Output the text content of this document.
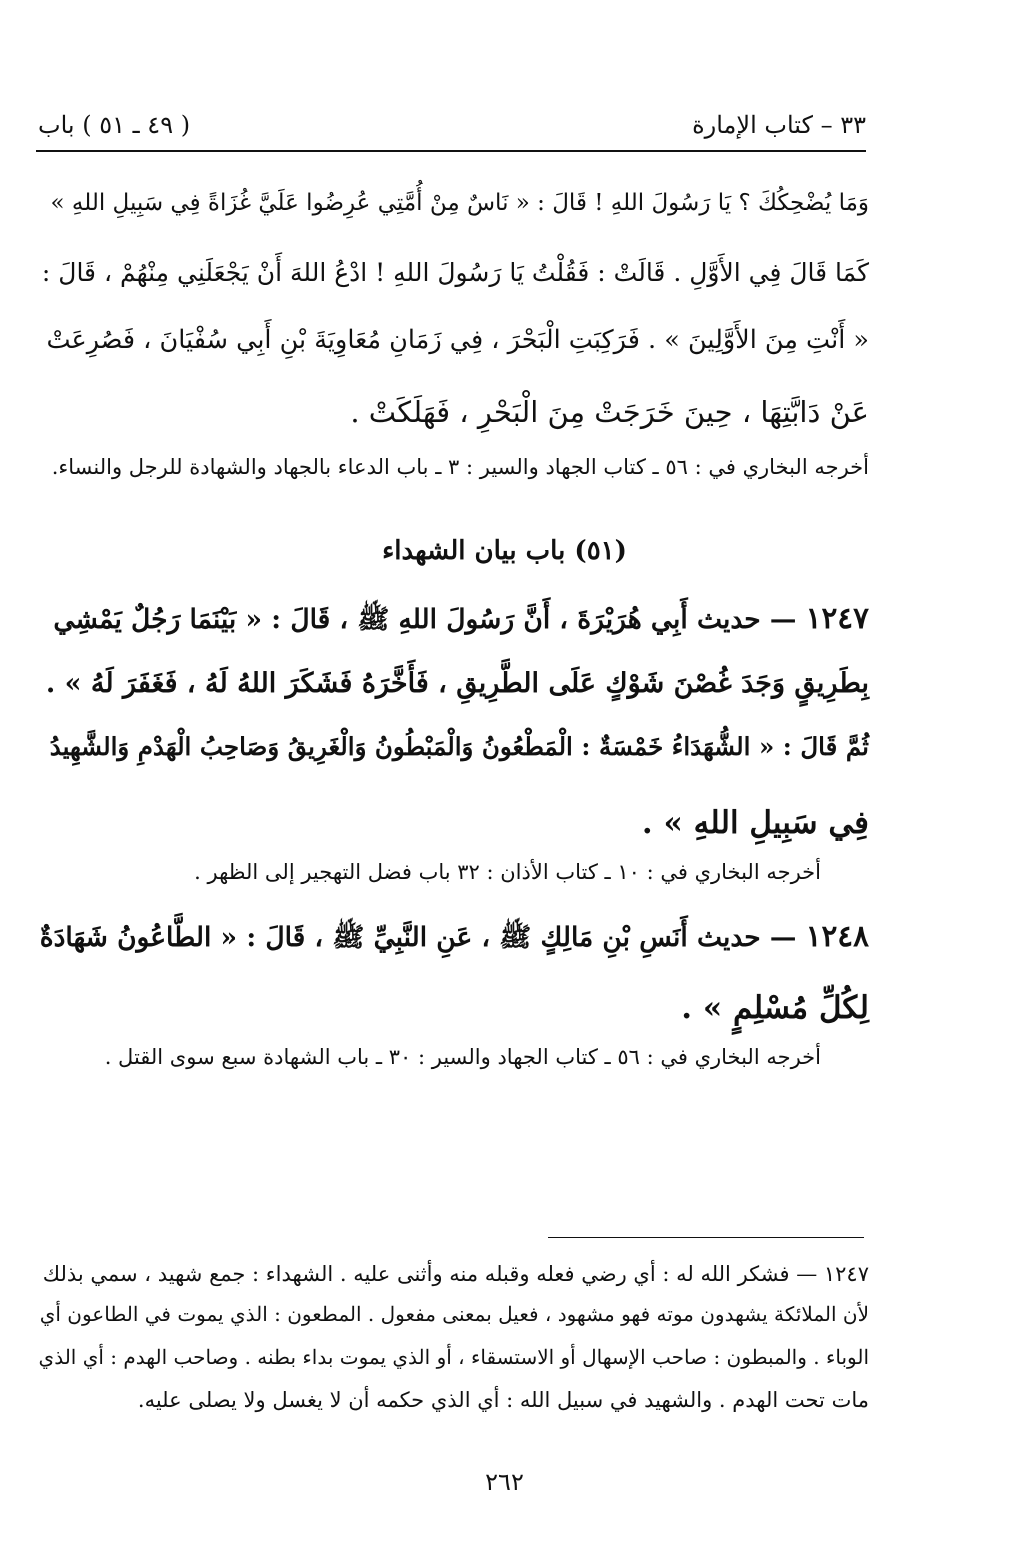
٣٣ – كتاب الإمارة
( ٤٩ ـ ٥١ ) باب
وَمَا يُضْحِكُكَ ؟ يَا رَسُولَ اللهِ ! قَالَ : « نَاسٌ مِنْ أُمَّتِي عُرِضُوا عَلَيَّ غُزَاةً فِي سَبِيلِ اللهِ »
كَمَا قَالَ فِي الأَوَّلِ . قَالَتْ : فَقُلْتُ يَا رَسُولَ اللهِ ! ادْعُ اللهَ أَنْ يَجْعَلَنِي مِنْهُمْ ، قَالَ :
« أَنْتِ مِنَ الأَوَّلِينَ » . فَرَكِبَتِ الْبَحْرَ ، فِي زَمَانِ مُعَاوِيَةَ بْنِ أَبِي سُفْيَانَ ، فَصُرِعَتْ
عَنْ دَابَّتِهَا ، حِينَ خَرَجَتْ مِنَ الْبَحْرِ ، فَهَلَكَتْ .
أخرجه البخاري في : ٥٦ ـ كتاب الجهاد والسير : ٣ ـ باب الدعاء بالجهاد والشهادة للرجل والنساء.
(٥١) باب بيان الشهداء
١٢٤٧ — حديث أَبِي هُرَيْرَةَ ، أَنَّ رَسُولَ اللهِ ﷺ ، قَالَ : « بَيْنَمَا رَجُلٌ يَمْشِي
بِطَرِيقٍ وَجَدَ غُصْنَ شَوْكٍ عَلَى الطَّرِيقِ ، فَأَخَّرَهُ فَشَكَرَ اللهُ لَهُ ، فَغَفَرَ لَهُ » .
ثُمَّ قَالَ : « الشُّهَدَاءُ خَمْسَةٌ : الْمَطْعُونُ وَالْمَبْطُونُ وَالْغَرِيقُ وَصَاحِبُ الْهَدْمِ وَالشَّهِيدُ
فِي سَبِيلِ اللهِ » .
أخرجه البخاري في : ١٠ ـ كتاب الأذان : ٣٢ باب فضل التهجير إلى الظهر .
١٢٤٨ — حديث أَنَسِ بْنِ مَالِكٍ ﷺ ، عَنِ النَّبِيِّ ﷺ ، قَالَ : « الطَّاعُونُ شَهَادَةٌ
لِكُلِّ مُسْلِمٍ » .
أخرجه البخاري في : ٥٦ ـ كتاب الجهاد والسير : ٣٠ ـ باب الشهادة سبع سوى القتل .
١٢٤٧ — فشكر الله له : أي رضي فعله وقبله منه وأثنى عليه . الشهداء : جمع شهيد ، سمي بذلك
لأن الملائكة يشهدون موته فهو مشهود ، فعيل بمعنى مفعول . المطعون : الذي يموت في الطاعون أي
الوباء . والمبطون : صاحب الإسهال أو الاستسقاء ، أو الذي يموت بداء بطنه . وصاحب الهدم : أي الذي
مات تحت الهدم . والشهيد في سبيل الله : أي الذي حكمه أن لا يغسل ولا يصلى عليه.
٢٦٢
